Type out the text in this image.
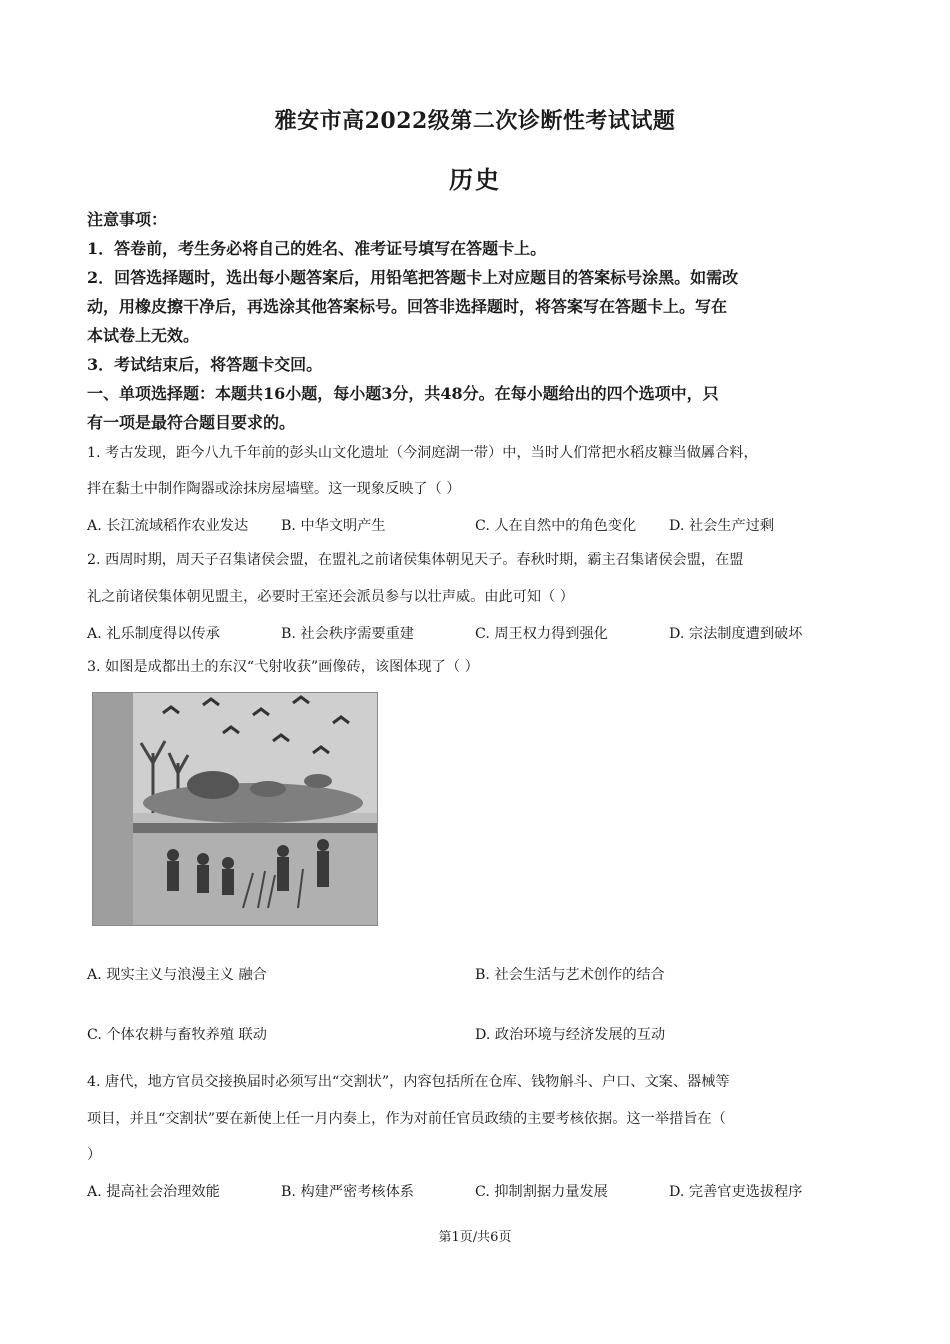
雅安市高2022级第二次诊断性考试试题
历史
注意事项：
1．答卷前，考生务必将自己的姓名、准考证号填写在答题卡上。
2．回答选择题时，选出每小题答案后，用铅笔把答题卡上对应题目的答案标号涂黑。如需改
动，用橡皮擦干净后，再选涂其他答案标号。回答非选择题时，将答案写在答题卡上。写在
本试卷上无效。
3．考试结束后，将答题卡交回。
一、单项选择题：本题共16小题，每小题3分，共48分。在每小题给出的四个选项中，只
有一项是最符合题目要求的。
1. 考古发现，距今八九千年前的彭头山文化遗址（今洞庭湖一带）中，当时人们常把水稻皮糠当做羼合料，
拌在黏土中制作陶器或涂抹房屋墙壁。这一现象反映了（ ）
A. 长江流域稻作农业发达 B. 中华文明产生	C. 人在自然中的角色变化 D. 社会生产过剩
2. 西周时期，周天子召集诸侯会盟，在盟礼之前诸侯集体朝见天子。春秋时期，霸主召集诸侯会盟，在盟
礼之前诸侯集体朝见盟主，必要时王室还会派员参与以壮声威。由此可知（ ）
A. 礼乐制度得以传承	B. 社会秩序需要重建	C. 周王权力得到强化	D. 宗法制度遭到破坏
3. 如图是成都出土的东汉“弋射收获”画像砖，该图体现了（ ）
A. 现实主义与浪漫主义 融合	B. 社会生活与艺术创作的结合
C. 个体农耕与畜牧养殖 联动	D. 政治环境与经济发展的互动
4. 唐代，地方官员交接换届时必须写出“交割状”，内容包括所在仓库、钱物斛斗、户口、文案、器械等
项目，并且“交割状”要在新使上任一月内奏上，作为对前任官员政绩的主要考核依据。这一举措旨在（
）
A. 提高社会治理效能	B. 构建严密考核体系	C. 抑制割据力量发展	D. 完善官吏选拔程序
第1页/共6页
